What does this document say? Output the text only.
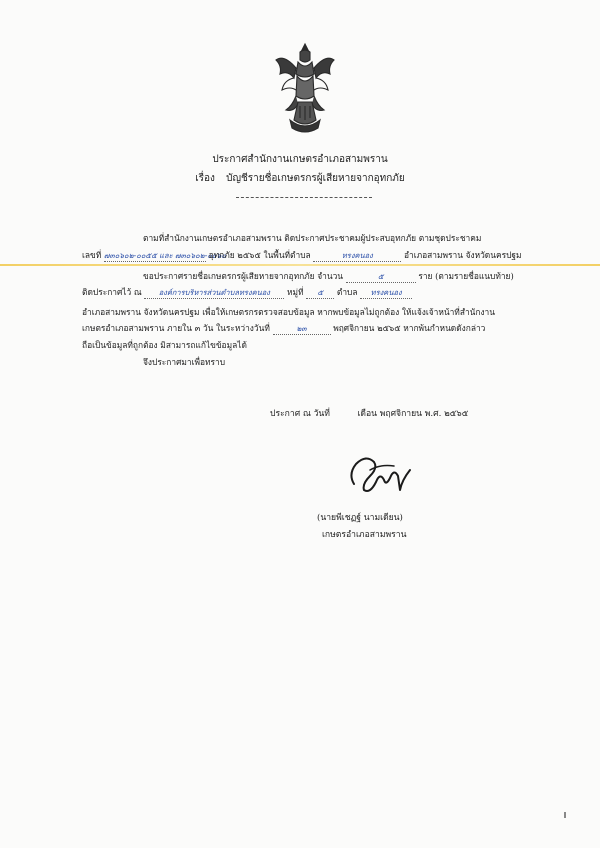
ประกาศสำนักงานเกษตรอำเภอสามพราน
เรื่อง บัญชีรายชื่อเกษตรกรผู้เสียหายจากอุทกภัย
ตามที่สำนักงานเกษตรอำเภอสามพราน ติดประกาศประชาคมผู้ประสบอุทกภัย ตามชุดประชาคม
เลขที่ ๗๓๐๖๐๒-๐๐๕๕ และ ๗๓๐๖๐๒-๐๐๖๐ อุทกภัย ๒๕๖๕ ในพื้นที่ตำบล	ทรงคนอง	อำเภอสามพราน จังหวัดนครปฐม
ขอประกาศรายชื่อเกษตรกรผู้เสียหายจากอุทกภัย จำนวน	๕	ราย (ตามรายชื่อแนบท้าย)
ติดประกาศไว้ ณ องค์การบริหารส่วนตำบลทรงคนอง หมู่ที่ ๕ ตำบล ทรงคนอง
อำเภอสามพราน จังหวัดนครปฐม เพื่อให้เกษตรกรตรวจสอบข้อมูล หากพบข้อมูลไม่ถูกต้อง ให้แจ้งเจ้าหน้าที่สำนักงาน
เกษตรอำเภอสามพราน ภายใน ๓ วัน ในระหว่างวันที่	๒๓	พฤศจิกายน ๒๕๖๕ หากพ้นกำหนดดังกล่าว
ถือเป็นข้อมูลที่ถูกต้อง มิสามารถแก้ไขข้อมูลได้
จึงประกาศมาเพื่อทราบ
ประกาศ ณ วันที่	เดือน พฤศจิกายน พ.ศ. ๒๕๖๕
(นายพีเชฏฐ์ นามเดียน)
เกษตรอำเภอสามพราน
